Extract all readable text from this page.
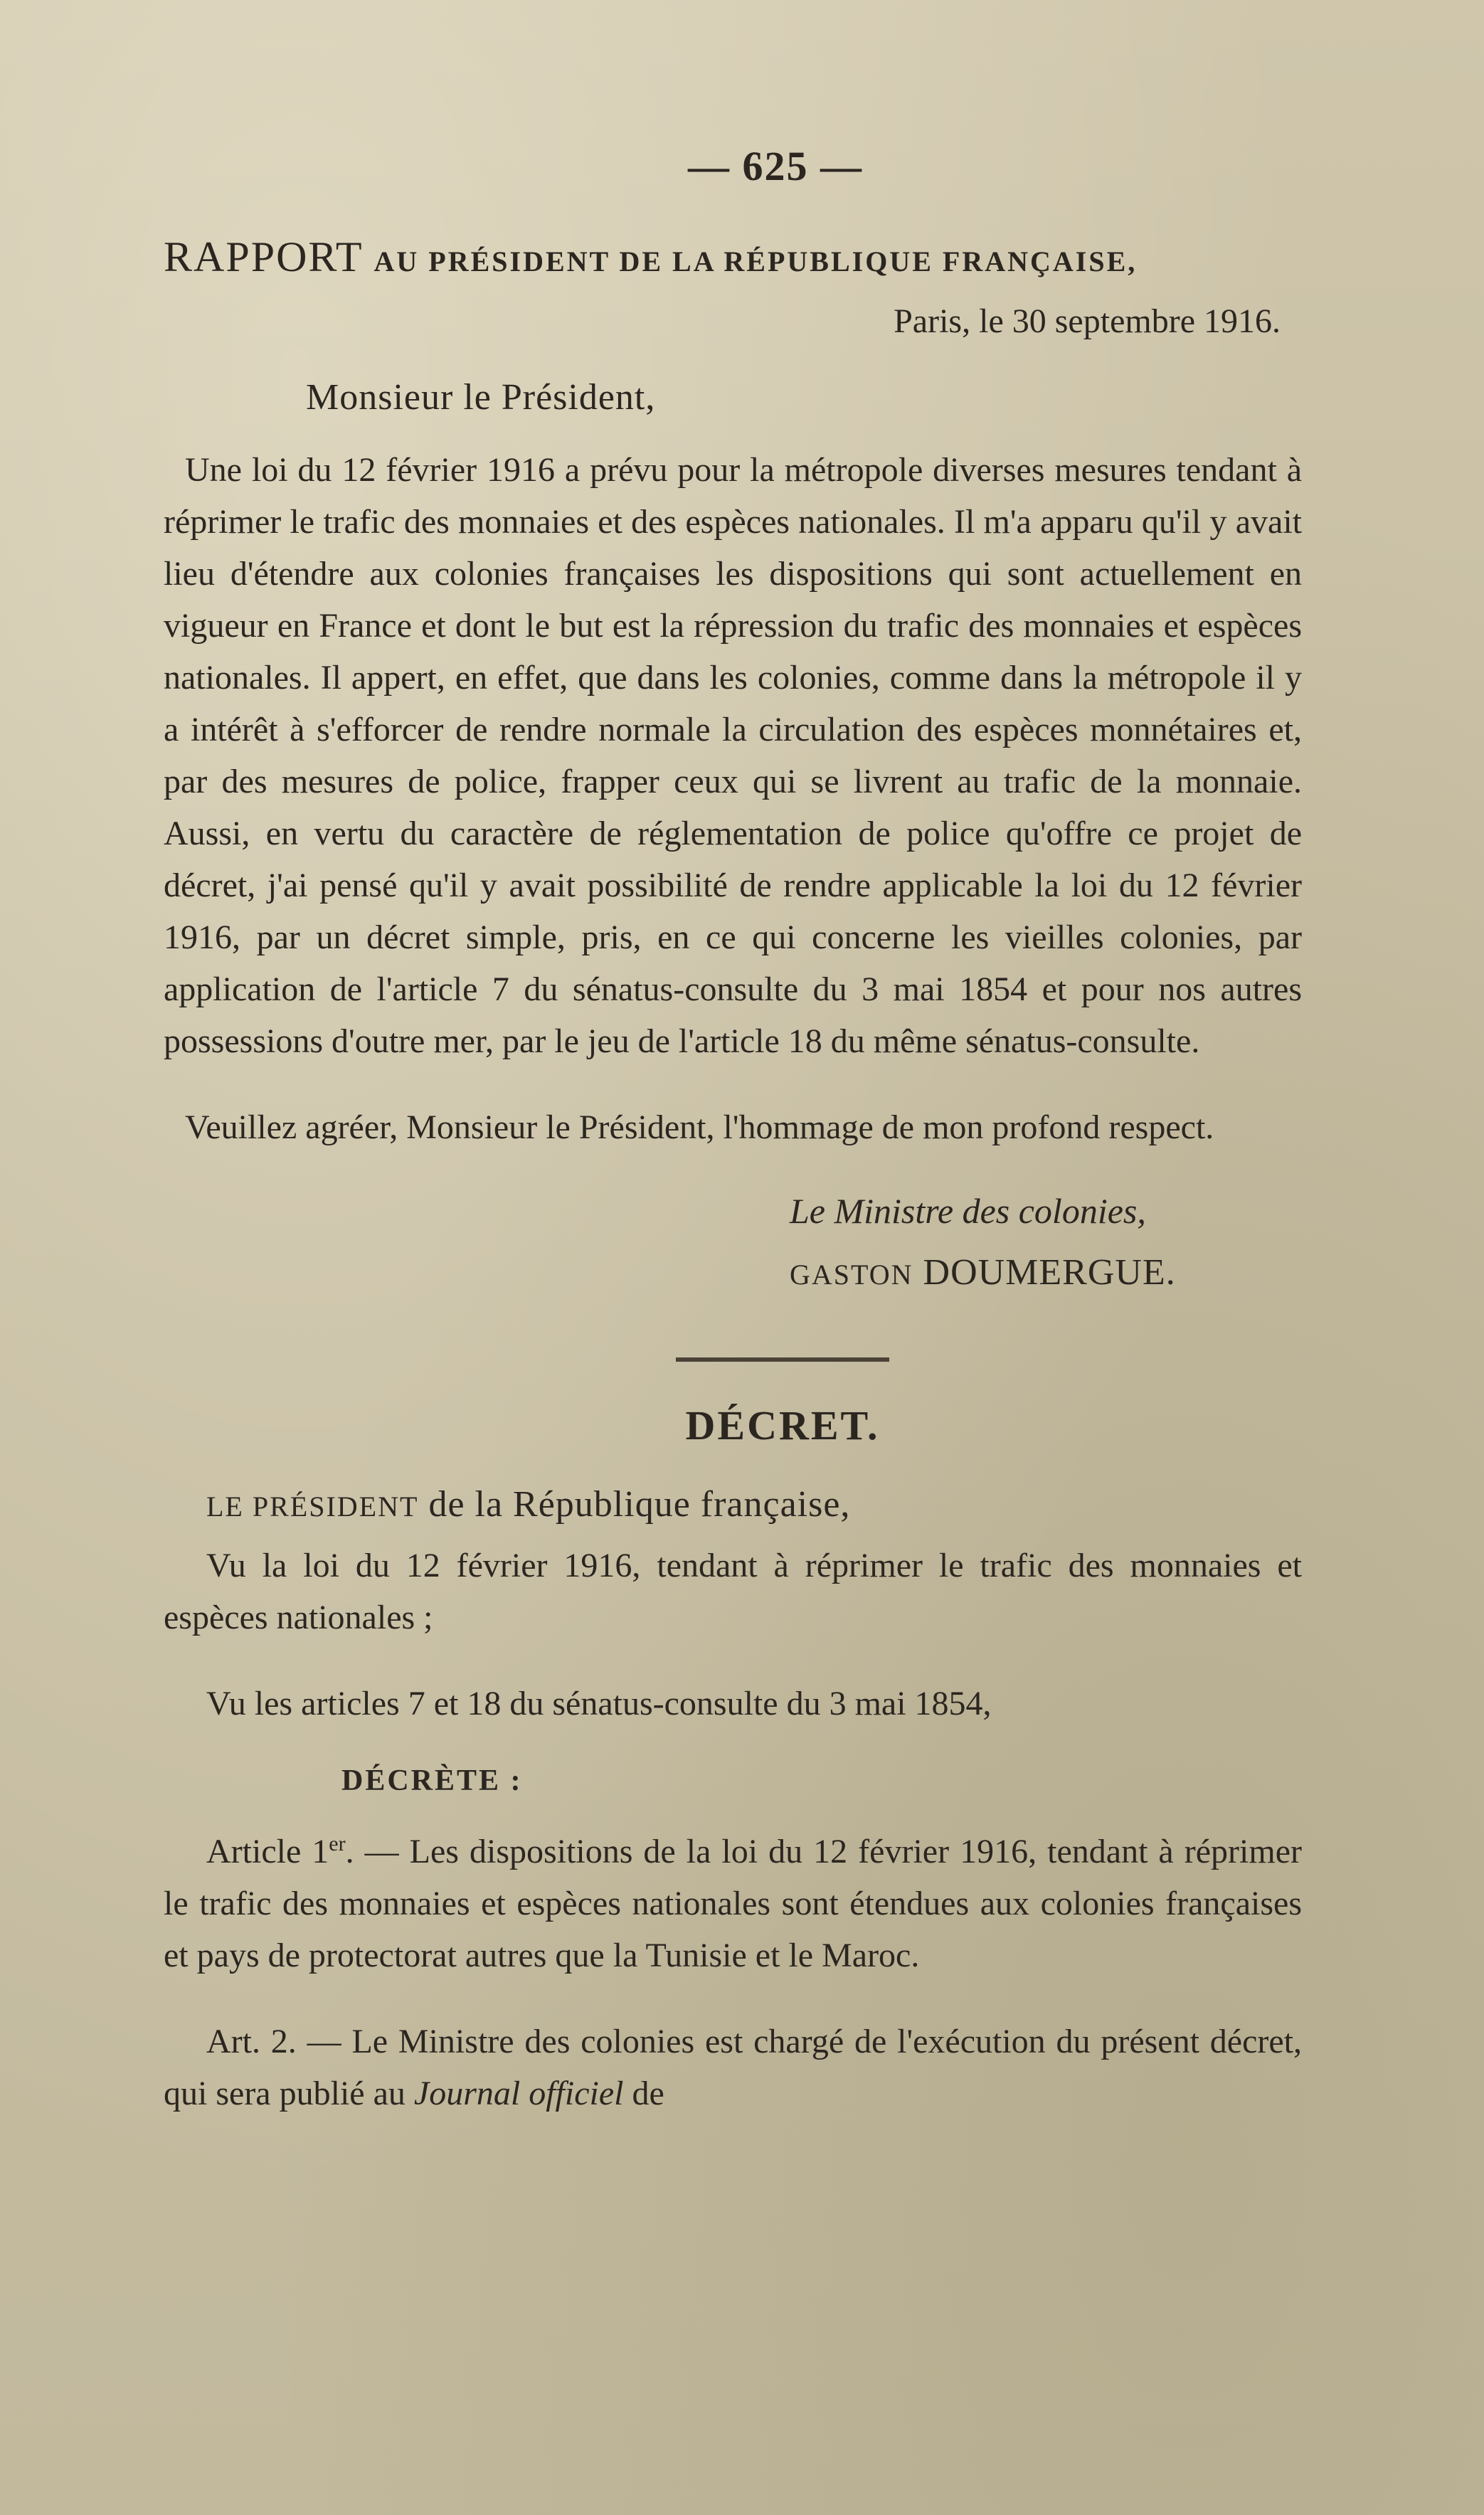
— 625 —
RAPPORT AU PRÉSIDENT DE LA RÉPUBLIQUE FRANÇAISE,
Paris, le 30 septembre 1916.
Monsieur le Président,

Une loi du 12 février 1916 a prévu pour la métropole diverses mesures tendant à réprimer le trafic des monnaies et des espèces nationales. Il m'a apparu qu'il y avait lieu d'étendre aux colonies françaises les dispositions qui sont actuellement en vigueur en France et dont le but est la répression du trafic des monnaies et espèces nationales. Il appert, en effet, que dans les colonies, comme dans la métropole il y a intérêt à s'efforcer de rendre normale la circulation des espèces monnétaires et, par des mesures de police, frapper ceux qui se livrent au trafic de la monnaie. Aussi, en vertu du caractère de réglementation de police qu'offre ce projet de décret, j'ai pensé qu'il y avait possibilité de rendre applicable la loi du 12 février 1916, par un décret simple, pris, en ce qui concerne les vieilles colonies, par application de l'article 7 du sénatus-consulte du 3 mai 1854 et pour nos autres possessions d'outre mer, par le jeu de l'article 18 du même sénatus-consulte.

Veuillez agréer, Monsieur le Président, l'hommage de mon profond respect.

Le Ministre des colonies,
GASTON DOUMERGUE.
DÉCRET.
LE PRÉSIDENT de la République française,

Vu la loi du 12 février 1916, tendant à réprimer le trafic des monnaies et espèces nationales ;

Vu les articles 7 et 18 du sénatus-consulte du 3 mai 1854,

DÉCRÈTE :

Article 1er. — Les dispositions de la loi du 12 février 1916, tendant à réprimer le trafic des monnaies et espèces nationales sont étendues aux colonies françaises et pays de protectorat autres que la Tunisie et le Maroc.

Art. 2. — Le Ministre des colonies est chargé de l'exécution du présent décret, qui sera publié au Journal officiel de
